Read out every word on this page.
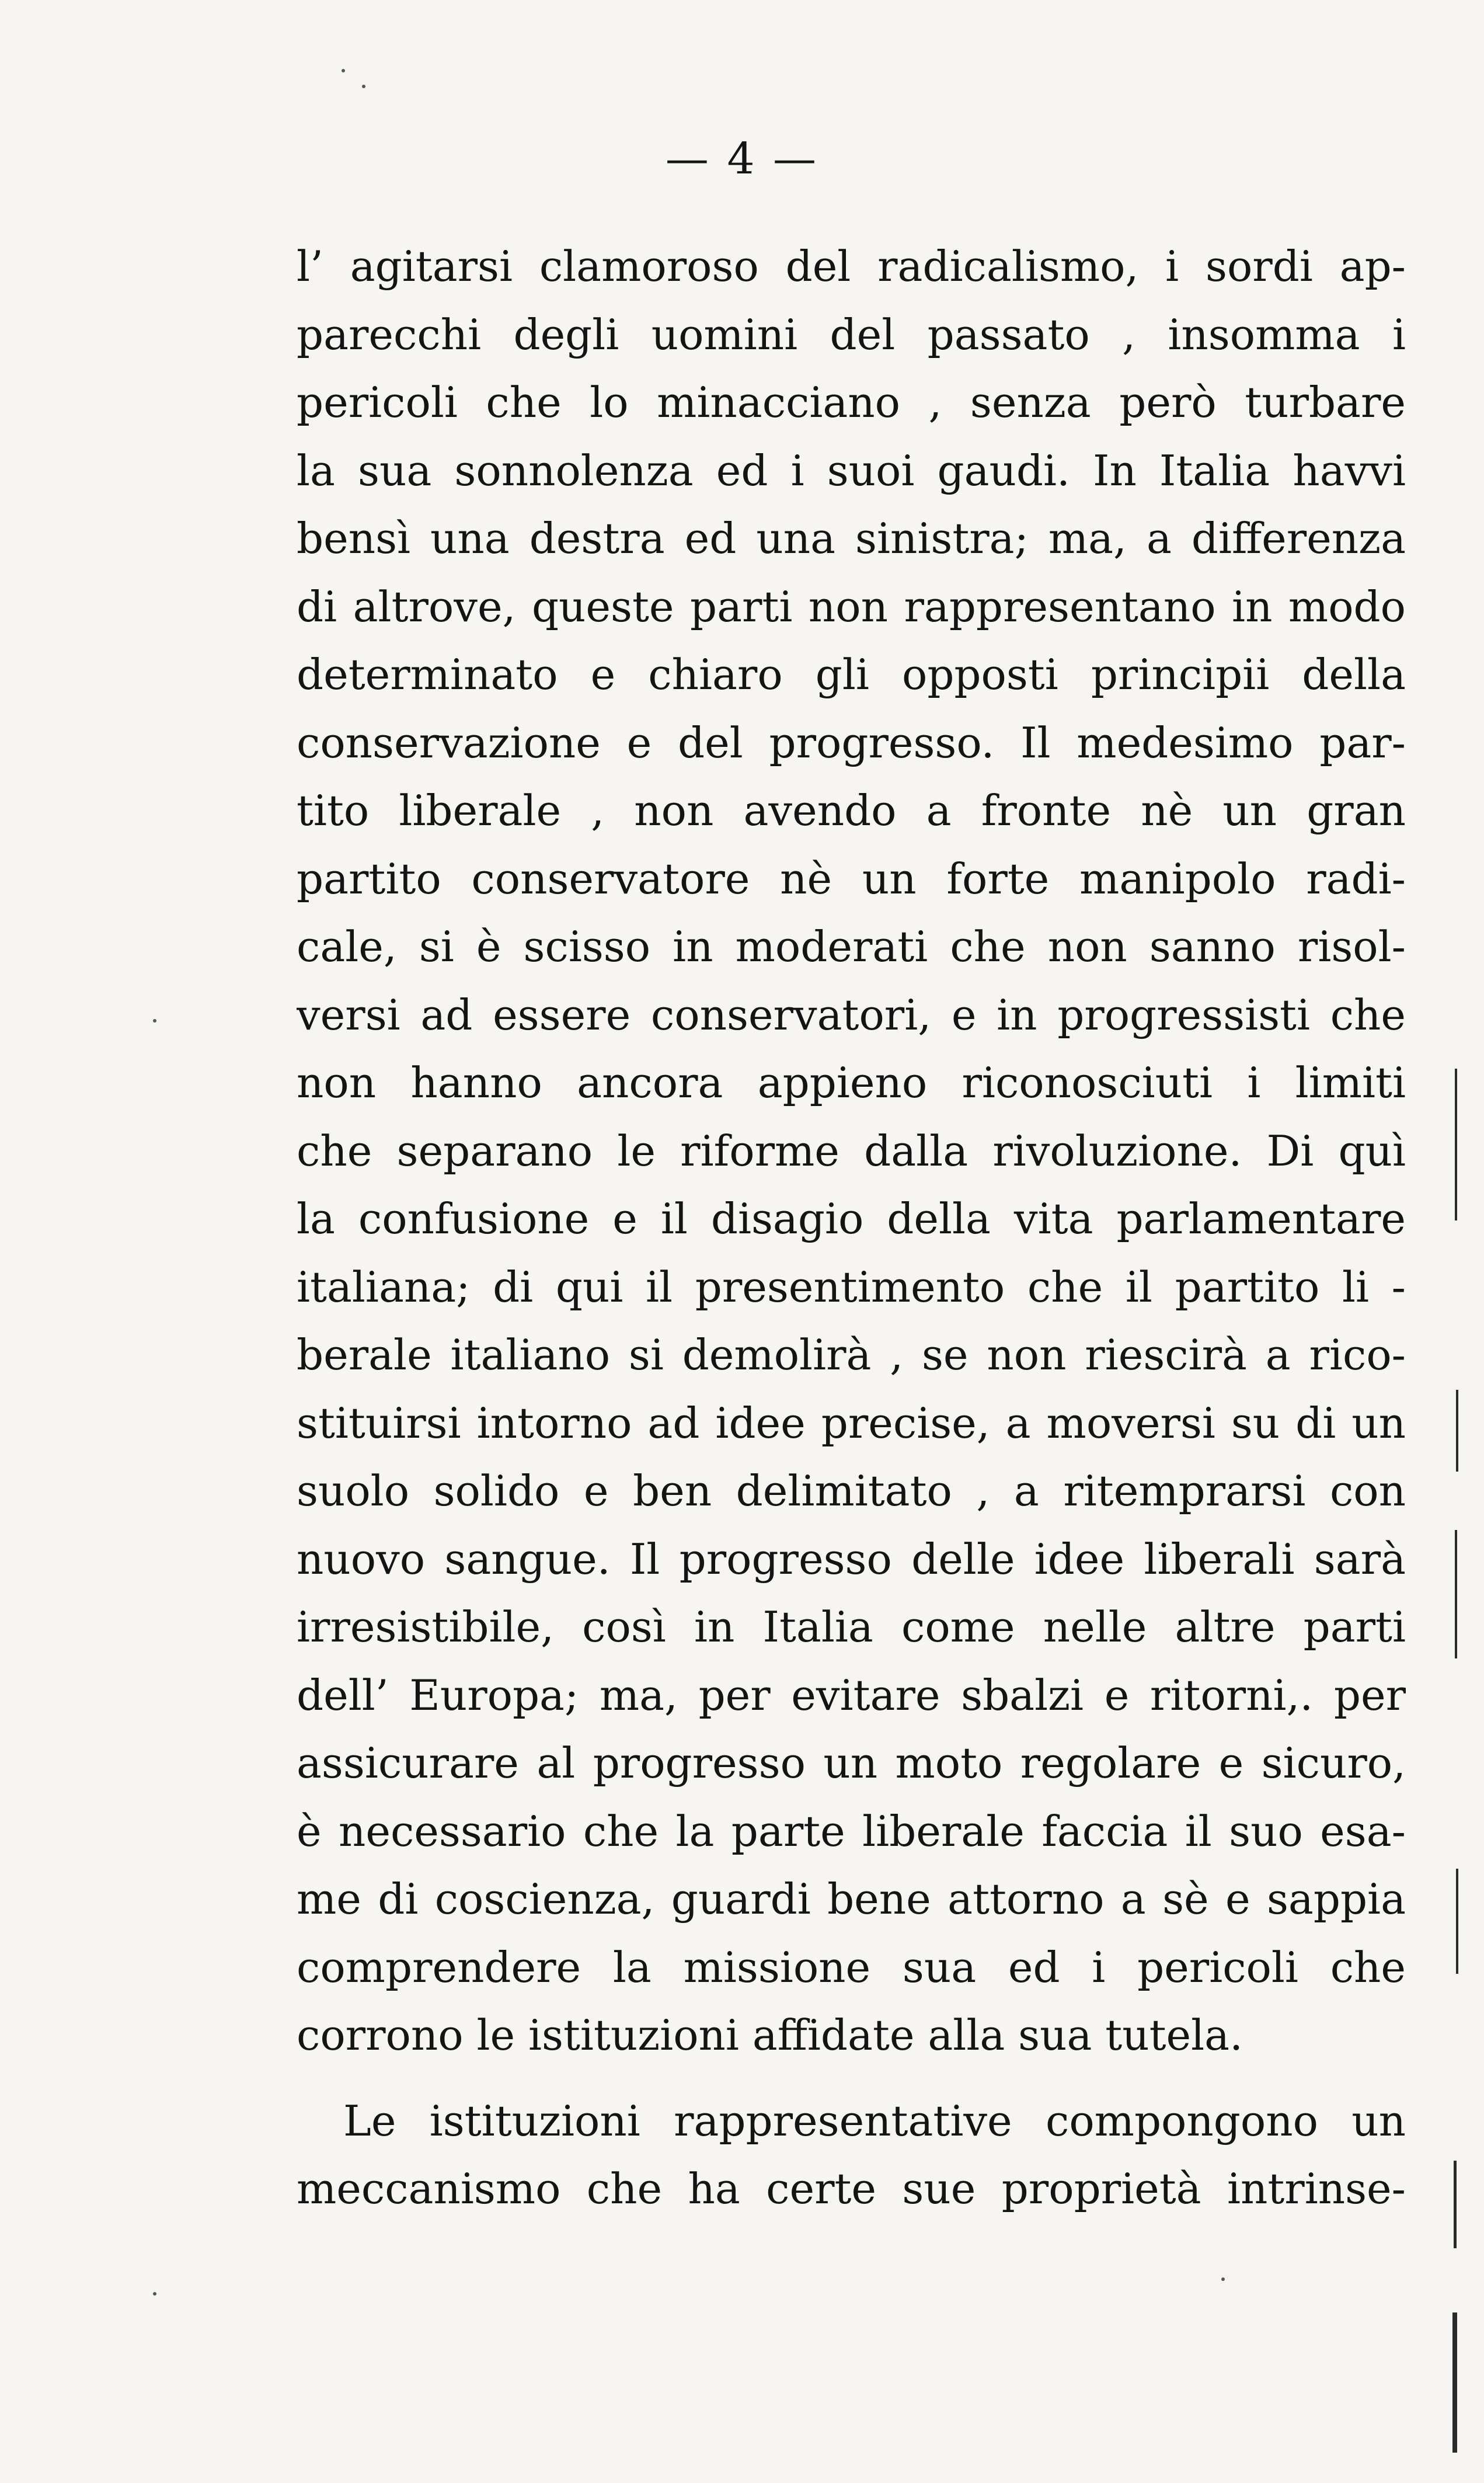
— 4 —
l’ agitarsi clamoroso del radicalismo, i sordi ap-
parecchi degli uomini del passato , insomma i
pericoli che lo minacciano , senza però turbare
la sua sonnolenza ed i suoi gaudi. In Italia havvi
bensì una destra ed una sinistra; ma, a differenza
di altrove, queste parti non rappresentano in modo
determinato e chiaro gli opposti principii della
conservazione e del progresso. Il medesimo par-
tito liberale , non avendo a fronte nè un gran
partito conservatore nè un forte manipolo radi-
cale, si è scisso in moderati che non sanno risol-
versi ad essere conservatori, e in progressisti che
non hanno ancora appieno riconosciuti i limiti
che separano le riforme dalla rivoluzione. Di quì
la confusione e il disagio della vita parlamentare
italiana; di qui il presentimento che il partito li -
berale italiano si demolirà , se non riescirà a rico-
stituirsi intorno ad idee precise, a moversi su di un
suolo solido e ben delimitato , a ritemprarsi con
nuovo sangue. Il progresso delle idee liberali sarà
irresistibile, così in Italia come nelle altre parti
dell’ Europa; ma, per evitare sbalzi e ritorni,. per
assicurare al progresso un moto regolare e sicuro,
è necessario che la parte liberale faccia il suo esa-
me di coscienza, guardi bene attorno a sè e sappia
comprendere la missione sua ed i pericoli che
corrono le istituzioni affidate alla sua tutela.
Le istituzioni rappresentative compongono un
meccanismo che ha certe sue proprietà intrinse-
